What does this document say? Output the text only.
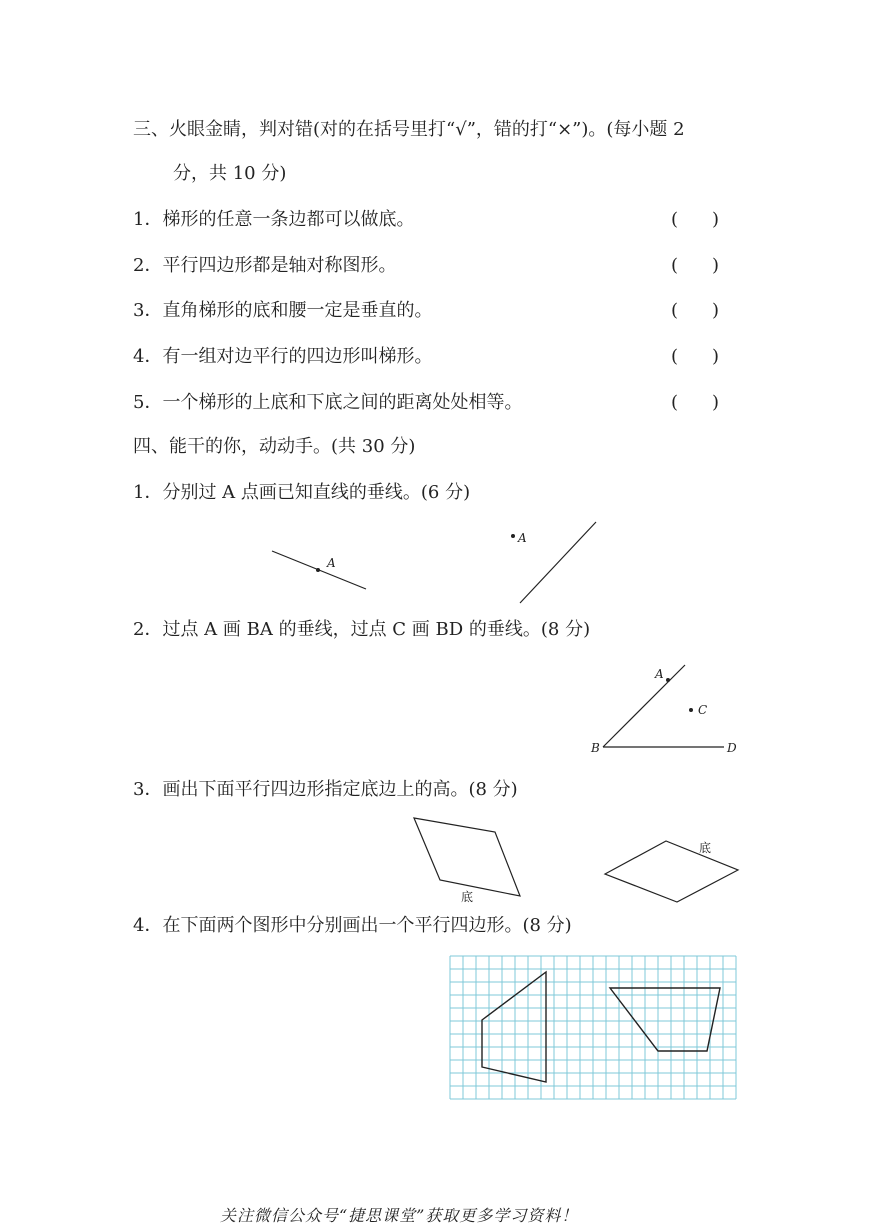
三、火眼金睛，判对错(对的在括号里打“√”，错的打“×”)。(每小题 2
分，共 10 分)
1．梯形的任意一条边都可以做底。	( )
2．平行四边形都是轴对称图形。	( )
3．直角梯形的底和腰一定是垂直的。	( )
4．有一组对边平行的四边形叫梯形。	( )
5．一个梯形的上底和下底之间的距离处处相等。	( )
四、能干的你，动动手。(共 30 分)
1．分别过 A 点画已知直线的垂线。(6 分)
2．过点 A 画 BA 的垂线，过点 C 画 BD 的垂线。(8 分)
3．画出下面平行四边形指定底边上的高。(8 分)
4．在下面两个图形中分别画出一个平行四边形。(8 分)
A
A
A
C
B	D
底
底
关注微信公众号“捷思课堂”获取更多学习资料！
